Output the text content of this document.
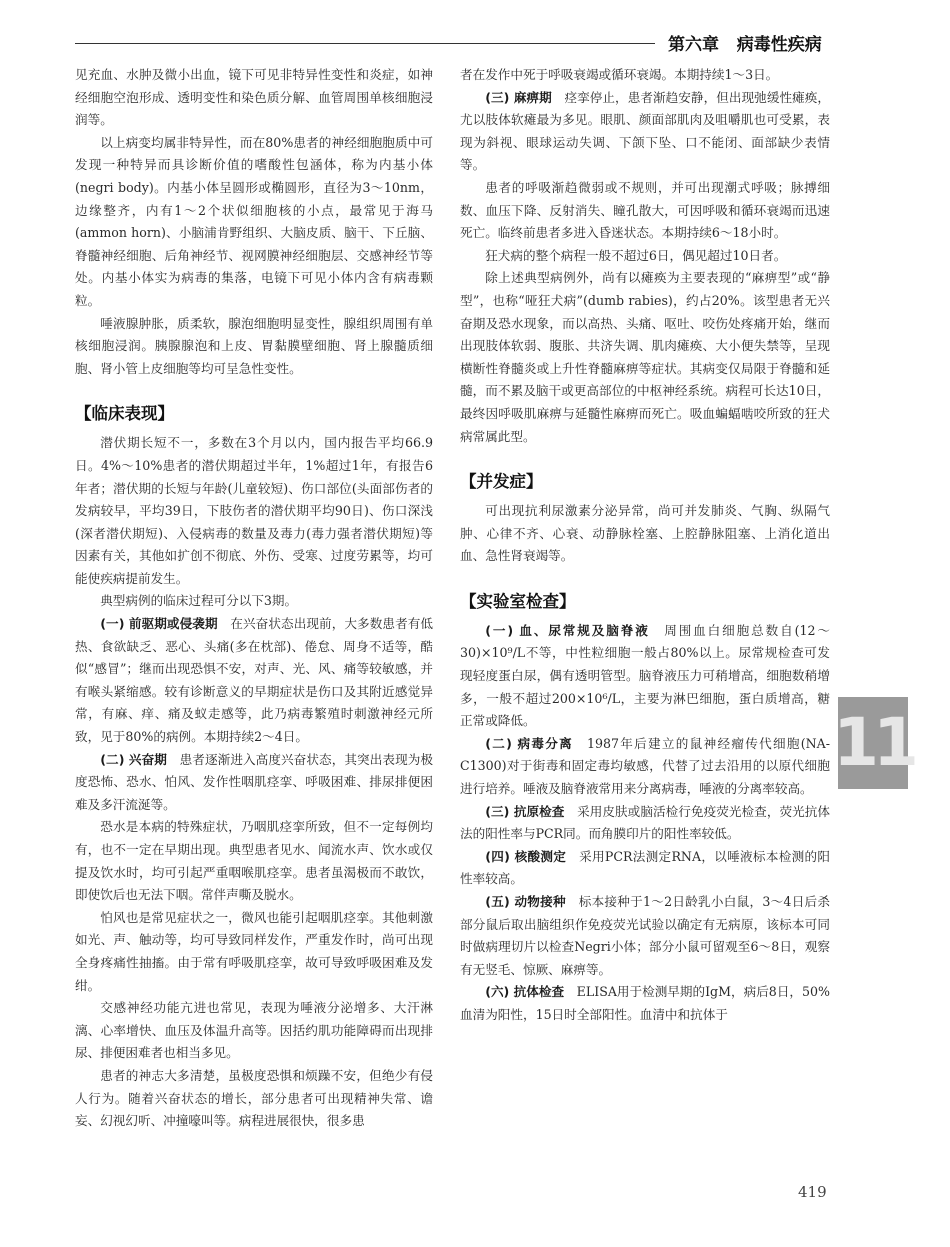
第六章 病毒性疾病

见充血、水肿及微小出血，镜下可见非特异性变性和炎症，如神经细胞空泡形成、透明变性和染色质分解、血管周围单核细胞浸润等。

以上病变均属非特异性，而在80%患者的神经细胞胞质中可发现一种特异而具诊断价值的嗜酸性包涵体，称为内基小体(negri body)。内基小体呈圆形或椭圆形，直径为3～10nm，边缘整齐，内有1～2个状似细胞核的小点，最常见于海马(ammon horn)、小脑浦肯野组织、大脑皮质、脑干、下丘脑、脊髓神经细胞、后角神经节、视网膜神经细胞层、交感神经节等处。内基小体实为病毒的集落，电镜下可见小体内含有病毒颗粒。

唾液腺肿胀，质柔软，腺泡细胞明显变性，腺组织周围有单核细胞浸润。胰腺腺泡和上皮、胃黏膜壁细胞、肾上腺髓质细胞、肾小管上皮细胞等均可呈急性变性。

【临床表现】

潜伏期长短不一，多数在3个月以内，国内报告平均66.9日。4%～10%患者的潜伏期超过半年，1%超过1年，有报告6年者；潜伏期的长短与年龄(儿童较短)、伤口部位(头面部伤者的发病较早，平均39日，下肢伤者的潜伏期平均90日)、伤口深浅(深者潜伏期短)、入侵病毒的数量及毒力(毒力强者潜伏期短)等因素有关，其他如扩创不彻底、外伤、受寒、过度劳累等，均可能使疾病提前发生。

典型病例的临床过程可分以下3期。

(一) 前驱期或侵袭期　 在兴奋状态出现前，大多数患者有低热、食欲缺乏、恶心、头痛(多在枕部)、倦怠、周身不适等，酷似“感冒”；继而出现恐惧不安，对声、光、风、痛等较敏感，并有喉头紧缩感。较有诊断意义的早期症状是伤口及其附近感觉异常，有麻、痒、痛及蚁走感等，此乃病毒繁殖时刺激神经元所致，见于80%的病例。本期持续2～4日。

(二) 兴奋期　 患者逐渐进入高度兴奋状态，其突出表现为极度恐怖、恐水、怕风、发作性咽肌痉挛、呼吸困难、排尿排便困难及多汗流涎等。

恐水是本病的特殊症状，乃咽肌痉挛所致，但不一定每例均有，也不一定在早期出现。典型患者见水、闻流水声、饮水或仅提及饮水时，均可引起严重咽喉肌痉挛。患者虽渴极而不敢饮，即使饮后也无法下咽。常伴声嘶及脱水。

怕风也是常见症状之一，微风也能引起咽肌痉挛。其他刺激如光、声、触动等，均可导致同样发作，严重发作时，尚可出现全身疼痛性抽搐。由于常有呼吸肌痉挛，故可导致呼吸困难及发绀。

交感神经功能亢进也常见，表现为唾液分泌增多、大汗淋漓、心率增快、血压及体温升高等。因括约肌功能障碍而出现排尿、排便困难者也相当多见。

患者的神志大多清楚，虽极度恐惧和烦躁不安，但绝少有侵人行为。随着兴奋状态的增长，部分患者可出现精神失常、谵妄、幻视幻听、冲撞嚎叫等。病程进展很快，很多患

者在发作中死于呼吸衰竭或循环衰竭。本期持续1～3日。

(三) 麻痹期　 痉挛停止，患者渐趋安静，但出现弛缓性瘫痪，尤以肢体软瘫最为多见。眼肌、颜面部肌肉及咀嚼肌也可受累，表现为斜视、眼球运动失调、下颌下坠、口不能闭、面部缺少表情等。

患者的呼吸渐趋微弱或不规则，并可出现潮式呼吸；脉搏细数、血压下降、反射消失、瞳孔散大，可因呼吸和循环衰竭而迅速死亡。临终前患者多进入昏迷状态。本期持续6～18小时。

狂犬病的整个病程一般不超过6日，偶见超过10日者。

除上述典型病例外，尚有以瘫痪为主要表现的“麻痹型”或“静型”，也称“哑狂犬病”(dumb rabies)，约占20%。该型患者无兴奋期及恐水现象，而以高热、头痛、呕吐、咬伤处疼痛开始，继而出现肢体软弱、腹胀、共济失调、肌肉瘫痪、大小便失禁等，呈现横断性脊髓炎或上升性脊髓麻痹等症状。其病变仅局限于脊髓和延髓，而不累及脑干或更高部位的中枢神经系统。病程可长达10日，最终因呼吸肌麻痹与延髓性麻痹而死亡。吸血蝙蝠啮咬所致的狂犬病常属此型。

【并发症】

可出现抗利尿激素分泌异常，尚可并发肺炎、气胸、纵隔气肿、心律不齐、心衰、动静脉栓塞、上腔静脉阻塞、上消化道出血、急性肾衰竭等。

【实验室检查】

(一) 血、尿常规及脑脊液　 周围血白细胞总数自(12～30)×10⁹/L不等，中性粒细胞一般占80%以上。尿常规检查可发现轻度蛋白尿，偶有透明管型。脑脊液压力可稍增高，细胞数稍增多，一般不超过200×10⁶/L，主要为淋巴细胞，蛋白质增高，糖正常或降低。

(二) 病毒分离　 1987年后建立的鼠神经瘤传代细胞(NA-C1300)对于街毒和固定毒均敏感，代替了过去沿用的以原代细胞进行培养。唾液及脑脊液常用来分离病毒，唾液的分离率较高。

(三) 抗原检查　 采用皮肤或脑活检行免疫荧光检查，荧光抗体法的阳性率与PCR同。而角膜印片的阳性率较低。

(四) 核酸测定　 采用PCR法测定RNA，以唾液标本检测的阳性率较高。

(五) 动物接种　 标本接种于1～2日龄乳小白鼠，3～4日后杀部分鼠后取出脑组织作免疫荧光试验以确定有无病原，该标本可同时做病理切片以检查Negri小体；部分小鼠可留观至6～8日，观察有无竖毛、惊厥、麻痹等。

(六) 抗体检查　 ELISA用于检测早期的IgM，病后8日，50%血清为阳性，15日时全部阳性。血清中和抗体于

11
419
